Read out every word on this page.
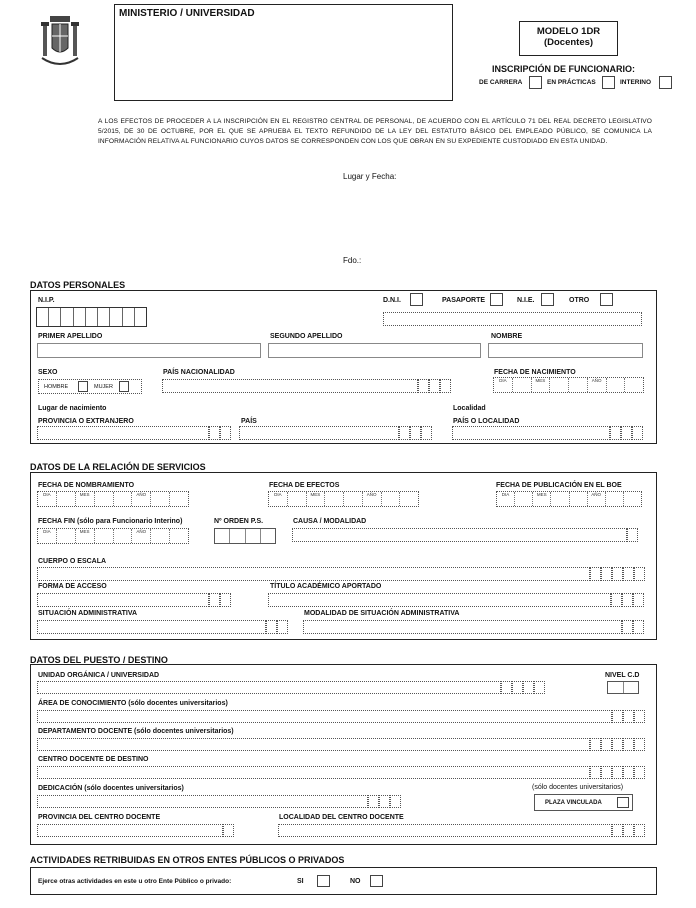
MINISTERIO / UNIVERSIDAD
MODELO 1DR
(Docentes)
INSCRIPCIÓN DE FUNCIONARIO:
DE CARRERA	EN PRÁCTICAS	INTERINO
A LOS EFECTOS DE PROCEDER A LA INSCRIPCIÓN EN EL REGISTRO CENTRAL DE PERSONAL, DE ACUERDO CON EL ARTÍCULO 71 DEL REAL DECRETO LEGISLATIVO 5/2015, DE 30 DE OCTUBRE, POR EL QUE SE APRUEBA EL TEXTO REFUNDIDO DE LA LEY DEL ESTATUTO BÁSICO DEL EMPLEADO PÚBLICO, SE COMUNICA LA INFORMACIÓN RELATIVA AL FUNCIONARIO CUYOS DATOS SE CORRESPONDEN CON LOS QUE OBRAN EN SU EXPEDIENTE CUSTODIADO EN ESTA UNIDAD.
Lugar y Fecha:
Fdo.:
DATOS PERSONALES
N.I.P.	D.N.I.	PASAPORTE	N.I.E.	OTRO
PRIMER APELLIDO	SEGUNDO APELLIDO	NOMBRE
SEXO
HOMBRE	MUJER
PAÍS NACIONALIDAD	FECHA DE NACIMIENTO
DIA	MES	AÑO
Lugar de nacimiento	Localidad
PROVINCIA O EXTRANJERO	PAÍS	PAÍS O LOCALIDAD
DATOS DE LA RELACIÓN DE SERVICIOS
FECHA DE NOMBRAMIENTO
DIA	MES	AÑO
FECHA DE EFECTOS
DIA	MES	AÑO
FECHA DE PUBLICACIÓN EN EL BOE
DIA	MES	AÑO
FECHA FIN (sólo para Funcionario Interino)
DIA	MES	AÑO
Nº ORDEN P.S.	CAUSA / MODALIDAD
CUERPO O ESCALA
FORMA DE ACCESO	TÍTULO ACADÉMICO APORTADO
SITUACIÓN ADMINISTRATIVA	MODALIDAD DE SITUACIÓN ADMINISTRATIVA
DATOS DEL PUESTO / DESTINO
UNIDAD ORGÁNICA / UNIVERSIDAD	NIVEL C.D
ÁREA DE CONOCIMIENTO (sólo docentes universitarios)
DEPARTAMENTO DOCENTE (sólo docentes universitarios)
CENTRO DOCENTE DE DESTINO
DEDICACIÓN (sólo docentes universitarios)	(sólo docentes universitarios)
PLAZA VINCULADA
PROVINCIA DEL CENTRO DOCENTE	LOCALIDAD DEL CENTRO DOCENTE
ACTIVIDADES RETRIBUIDAS EN OTROS ENTES PÚBLICOS O PRIVADOS
Ejerce otras actividades en este u otro Ente Público o privado:	SI	NO
